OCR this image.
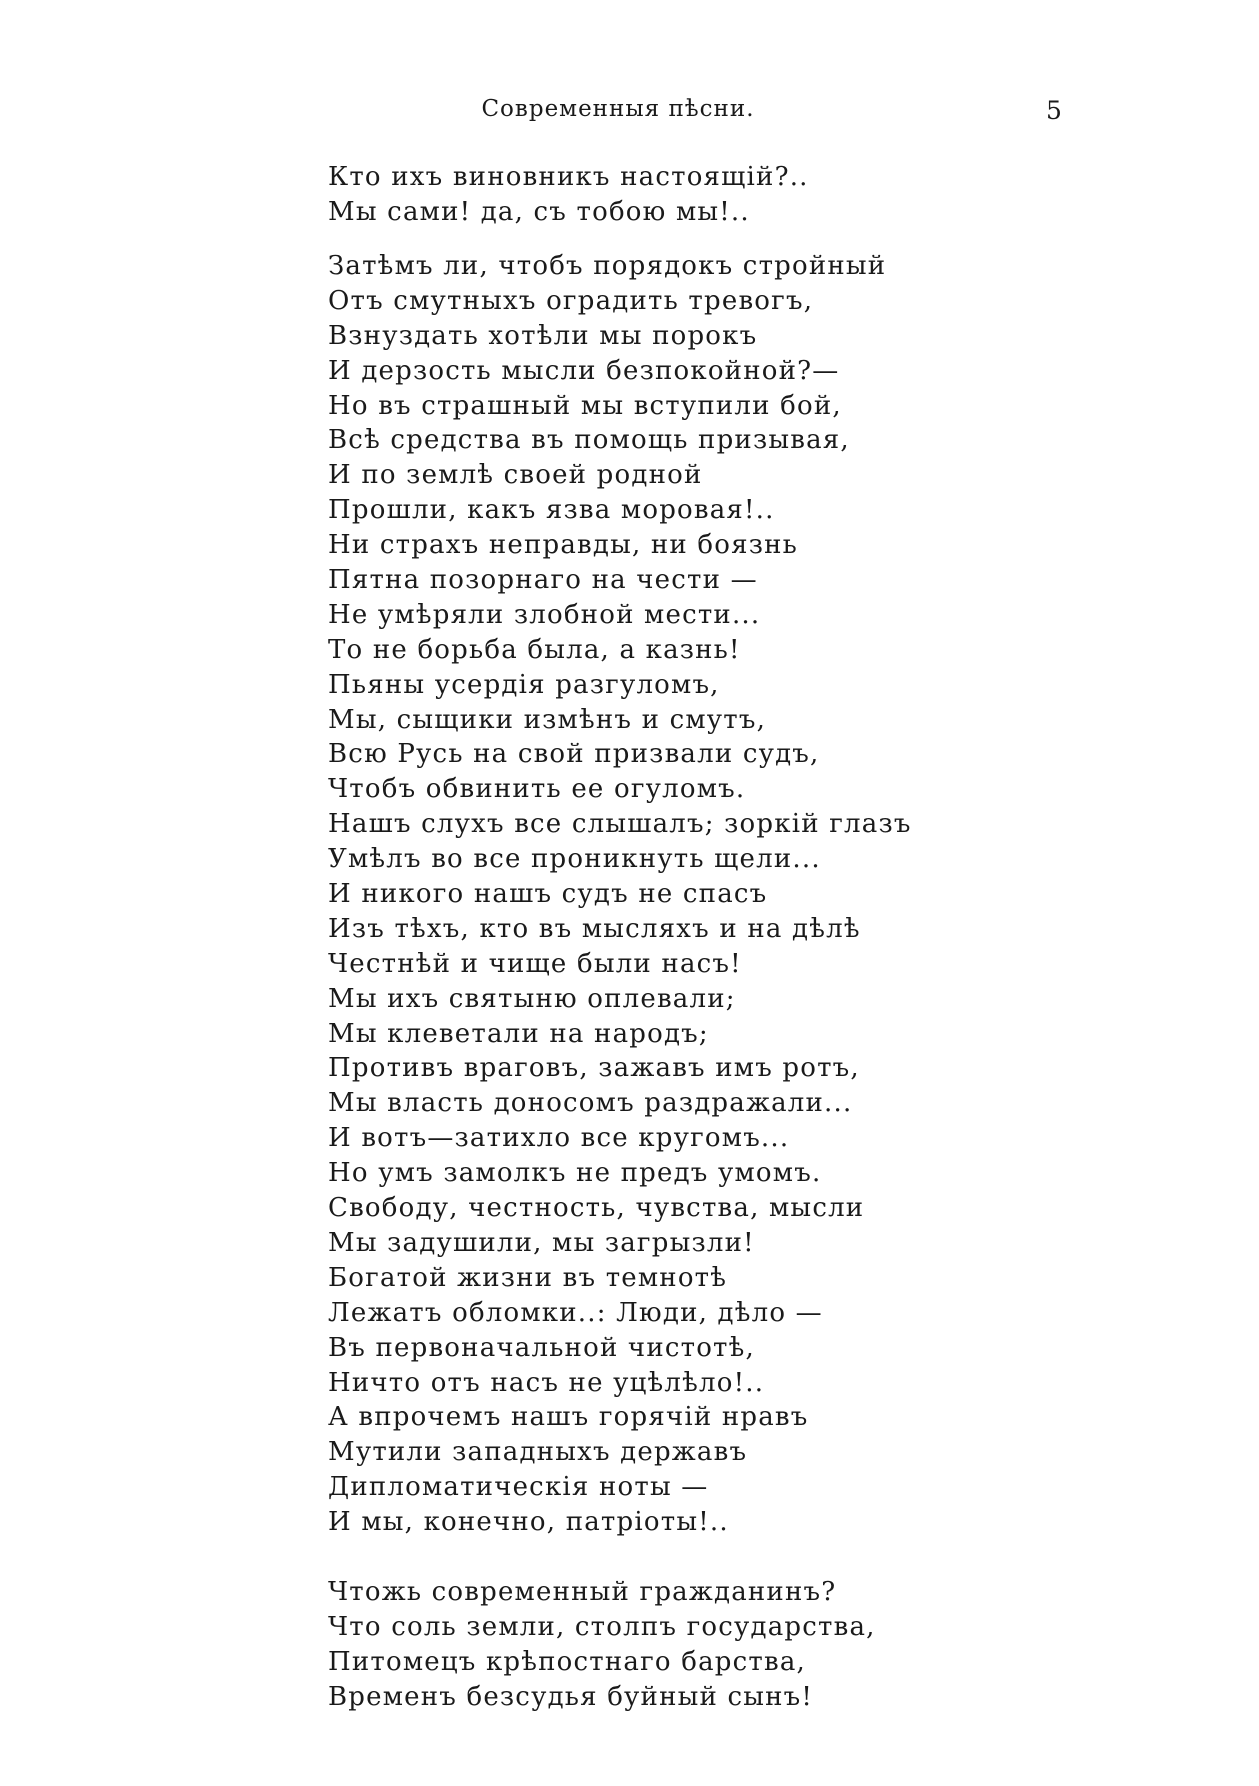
Современныя пѣсни.	5
Кто ихъ виновникъ настоящій?..
Мы сами! да, съ тобою мы!..
Затѣмъ ли, чтобъ порядокъ стройный
Отъ смутныхъ оградить тревогъ,
Взнуздать хотѣли мы порокъ
И дерзость мысли безпокойной?—
Но въ страшный мы вступили бой,
Всѣ средства въ помощь призывая,
И по землѣ своей родной
Прошли, какъ язва моровая!..
Ни страхъ неправды, ни боязнь
Пятна позорнаго на чести —
Не умѣряли злобной мести...
То не борьба была, а казнь!
Пьяны усердія разгуломъ,
Мы, сыщики измѣнъ и смутъ,
Всю Русь на свой призвали судъ,
Чтобъ обвинить ее огуломъ.
Нашъ слухъ все слышалъ; зоркій глазъ
Умѣлъ во все проникнуть щели...
И никого нашъ судъ не спасъ
Изъ тѣхъ, кто въ мысляхъ и на дѣлѣ
Честнѣй и чище были насъ!
Мы ихъ святыню оплевали;
Мы клеветали на народъ;
Противъ враговъ, зажавъ имъ ротъ,
Мы власть доносомъ раздражали...
И вотъ—затихло все кругомъ...
Но умъ замолкъ не предъ умомъ.
Свободу, честность, чувства, мысли
Мы задушили, мы загрызли!
Богатой жизни въ темнотѣ
Лежатъ обломки..: Люди, дѣло —
Въ первоначальной чистотѣ,
Ничто отъ насъ не уцѣлѣло!..
А впрочемъ нашъ горячій нравъ
Мутили западныхъ державъ
Дипломатическія ноты —
И мы, конечно, патріоты!..
Чтожь современный гражданинъ?
Что соль земли, столпъ государства,
Питомецъ крѣпостнаго барства,
Временъ безсудья буйный сынъ!
